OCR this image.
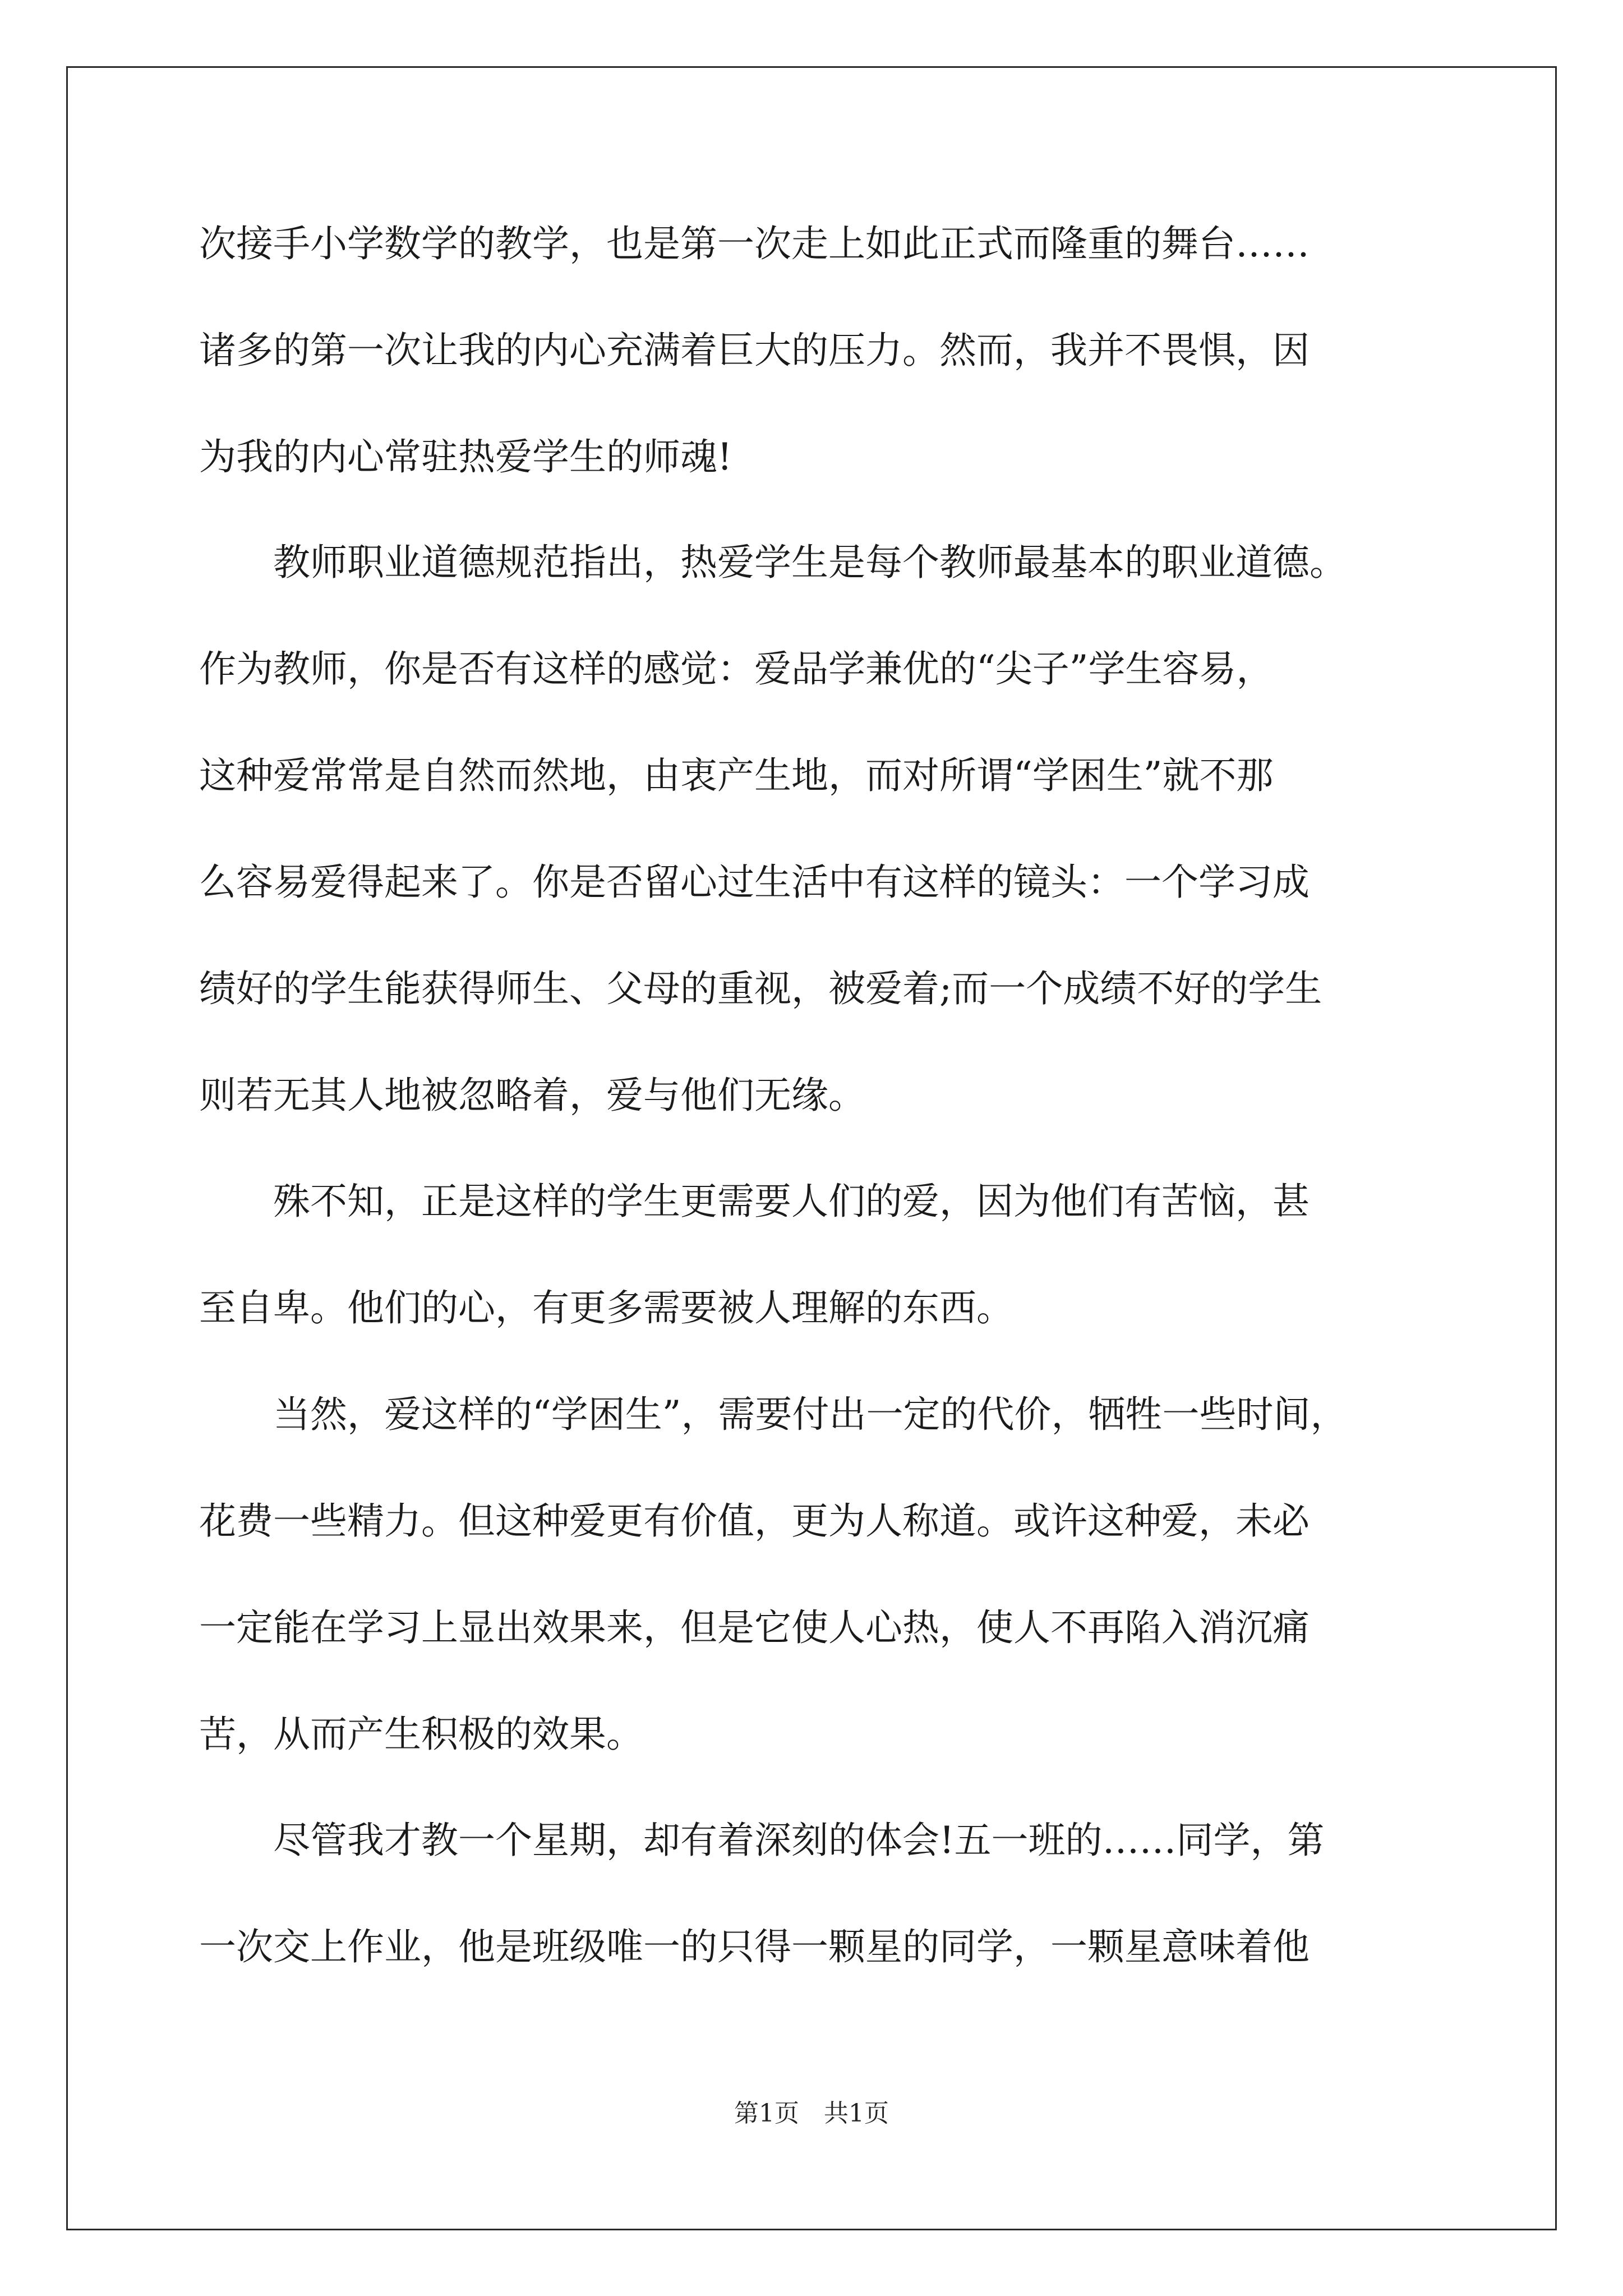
次接手小学数学的教学，也是第一次走上如此正式而隆重的舞台……
诸多的第一次让我的内心充满着巨大的压力。然而，我并不畏惧，因
为我的内心常驻热爱学生的师魂!
　　教师职业道德规范指出，热爱学生是每个教师最基本的职业道德。
作为教师，你是否有这样的感觉：爱品学兼优的“尖子”学生容易，
这种爱常常是自然而然地，由衷产生地，而对所谓“学困生”就不那
么容易爱得起来了。你是否留心过生活中有这样的镜头：一个学习成
绩好的学生能获得师生、父母的重视，被爱着;而一个成绩不好的学生
则若无其人地被忽略着，爱与他们无缘。
　　殊不知，正是这样的学生更需要人们的爱，因为他们有苦恼，甚
至自卑。他们的心，有更多需要被人理解的东西。
　　当然，爱这样的“学困生”，需要付出一定的代价，牺牲一些时间，
花费一些精力。但这种爱更有价值，更为人称道。或许这种爱，未必
一定能在学习上显出效果来，但是它使人心热，使人不再陷入消沉痛
苦，从而产生积极的效果。
　　尽管我才教一个星期，却有着深刻的体会!五一班的……同学，第
一次交上作业，他是班级唯一的只得一颗星的同学，一颗星意味着他
第1页　共1页
